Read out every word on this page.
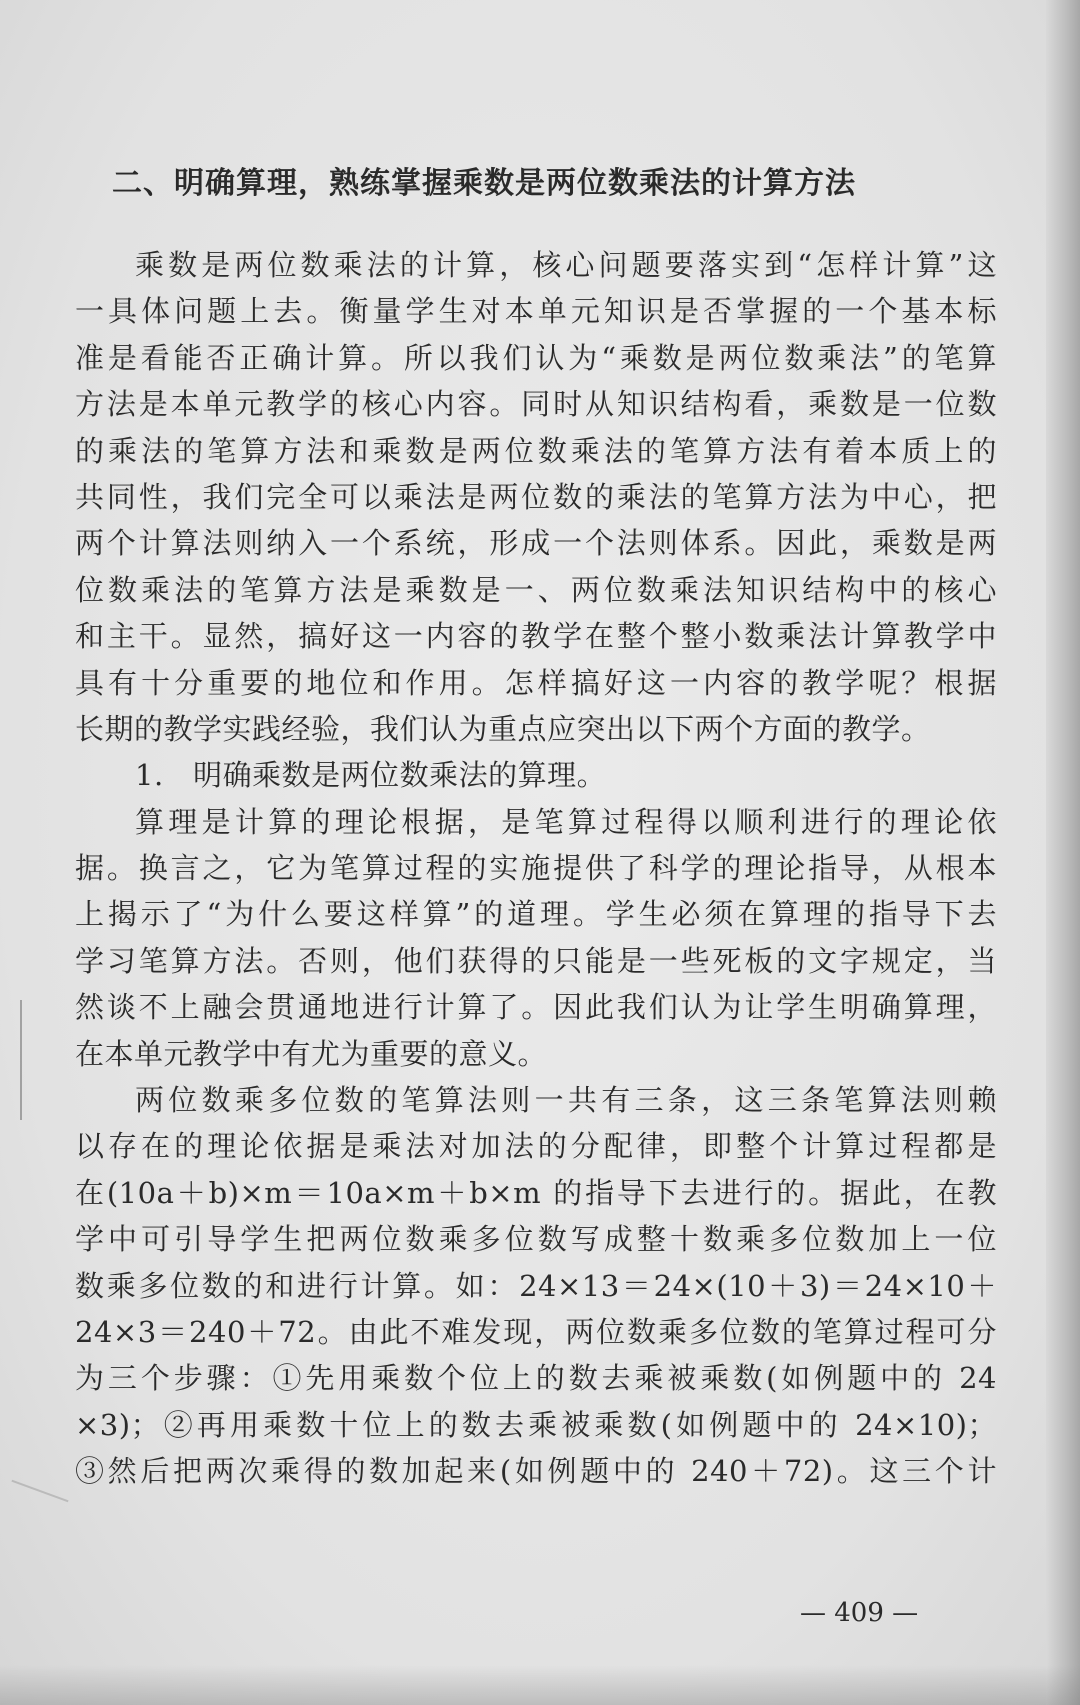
二、明确算理，熟练掌握乘数是两位数乘法的计算方法
乘数是两位数乘法的计算，核心问题要落实到“怎样计算”这
一具体问题上去。衡量学生对本单元知识是否掌握的一个基本标
准是看能否正确计算。所以我们认为“乘数是两位数乘法”的笔算
方法是本单元教学的核心内容。同时从知识结构看，乘数是一位数
的乘法的笔算方法和乘数是两位数乘法的笔算方法有着本质上的
共同性，我们完全可以乘法是两位数的乘法的笔算方法为中心，把
两个计算法则纳入一个系统，形成一个法则体系。因此，乘数是两
位数乘法的笔算方法是乘数是一、两位数乘法知识结构中的核心
和主干。显然，搞好这一内容的教学在整个整小数乘法计算教学中
具有十分重要的地位和作用。怎样搞好这一内容的教学呢？根据
长期的教学实践经验，我们认为重点应突出以下两个方面的教学。
1.　明确乘数是两位数乘法的算理。
算理是计算的理论根据，是笔算过程得以顺利进行的理论依
据。换言之，它为笔算过程的实施提供了科学的理论指导，从根本
上揭示了“为什么要这样算”的道理。学生必须在算理的指导下去
学习笔算方法。否则，他们获得的只能是一些死板的文字规定，当
然谈不上融会贯通地进行计算了。因此我们认为让学生明确算理，
在本单元教学中有尤为重要的意义。
两位数乘多位数的笔算法则一共有三条，这三条笔算法则赖
以存在的理论依据是乘法对加法的分配律，即整个计算过程都是
在(10a＋b)×m＝10a×m＋b×m 的指导下去进行的。据此，在教
学中可引导学生把两位数乘多位数写成整十数乘多位数加上一位
数乘多位数的和进行计算。如：24×13＝24×(10＋3)＝24×10＋
24×3＝240＋72。由此不难发现，两位数乘多位数的笔算过程可分
为三个步骤：①先用乘数个位上的数去乘被乘数(如例题中的 24
×3)；②再用乘数十位上的数去乘被乘数(如例题中的 24×10)；
③然后把两次乘得的数加起来(如例题中的 240＋72)。这三个计
— 409 —
